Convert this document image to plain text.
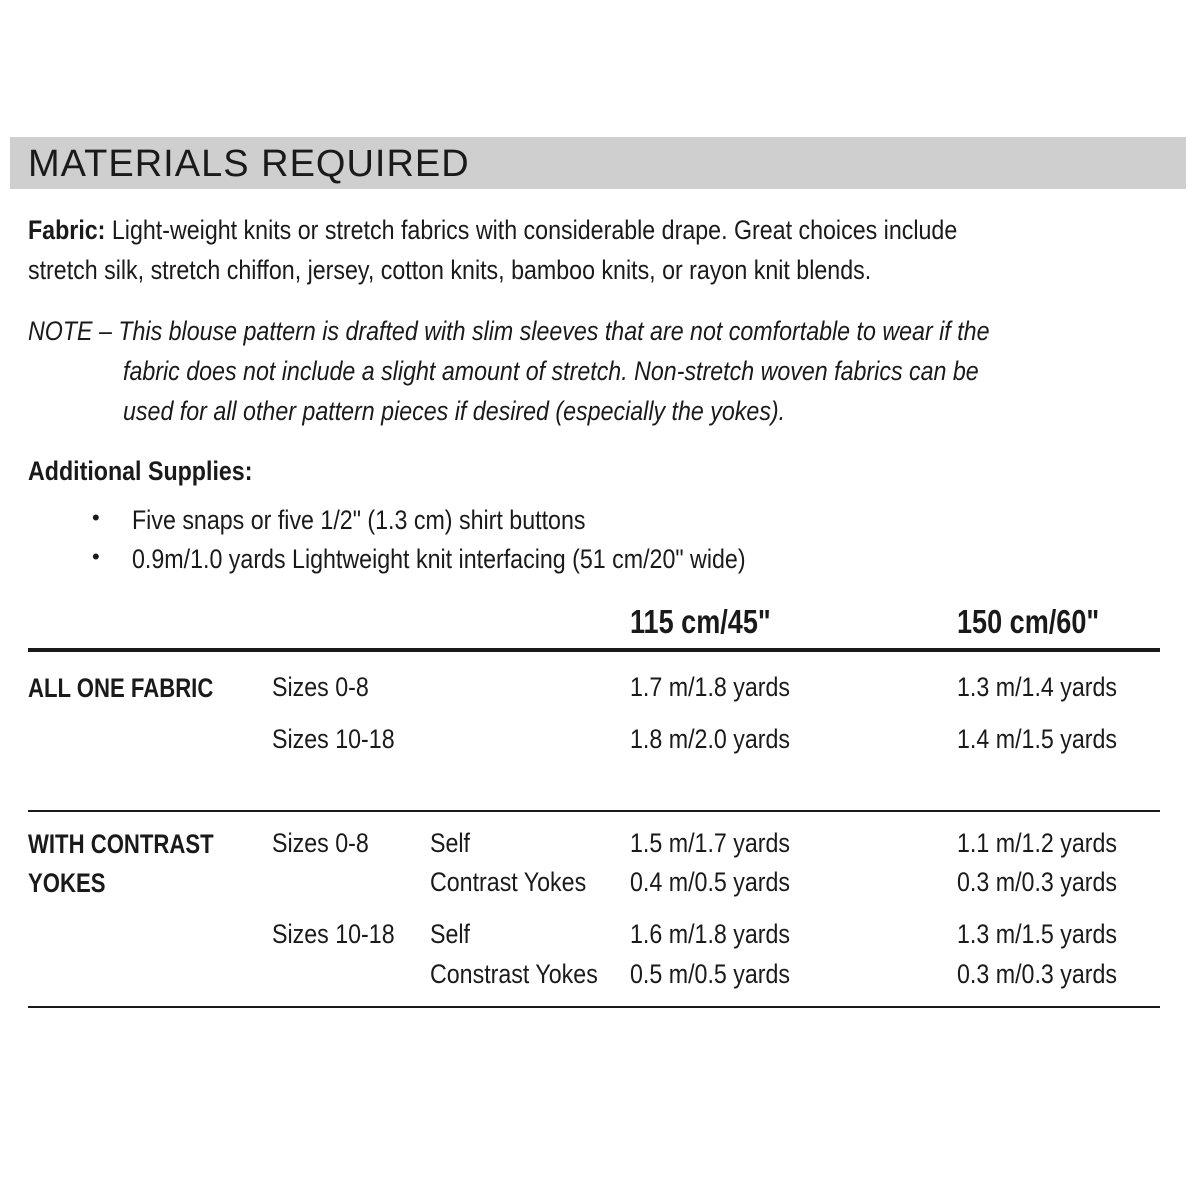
MATERIALS REQUIRED
Fabric: Light-weight knits or stretch fabrics with considerable drape. Great choices include
stretch silk, stretch chiffon, jersey, cotton knits, bamboo knits, or rayon knit blends.
NOTE – This blouse pattern is drafted with slim sleeves that are not comfortable to wear if the
fabric does not include a slight amount of stretch. Non-stretch woven fabrics can be
used for all other pattern pieces if desired (especially the yokes).
Additional Supplies:
• Five snaps or five 1/2" (1.3 cm) shirt buttons
• 0.9m/1.0 yards Lightweight knit interfacing (51 cm/20" wide)
115 cm/45"	150 cm/60"
ALL ONE FABRIC Sizes 0-8	1.7 m/1.8 yards	1.3 m/1.4 yards
Sizes 10-18	1.8 m/2.0 yards	1.4 m/1.5 yards
WITH CONTRAST
YOKES
Sizes 0-8 Self	1.5 m/1.7 yards	1.1 m/1.2 yards
Contrast Yokes 0.4 m/0.5 yards	0.3 m/0.3 yards
Sizes 10-18 Self	1.6 m/1.8 yards	1.3 m/1.5 yards
Constrast Yokes 0.5 m/0.5 yards	0.3 m/0.3 yards
